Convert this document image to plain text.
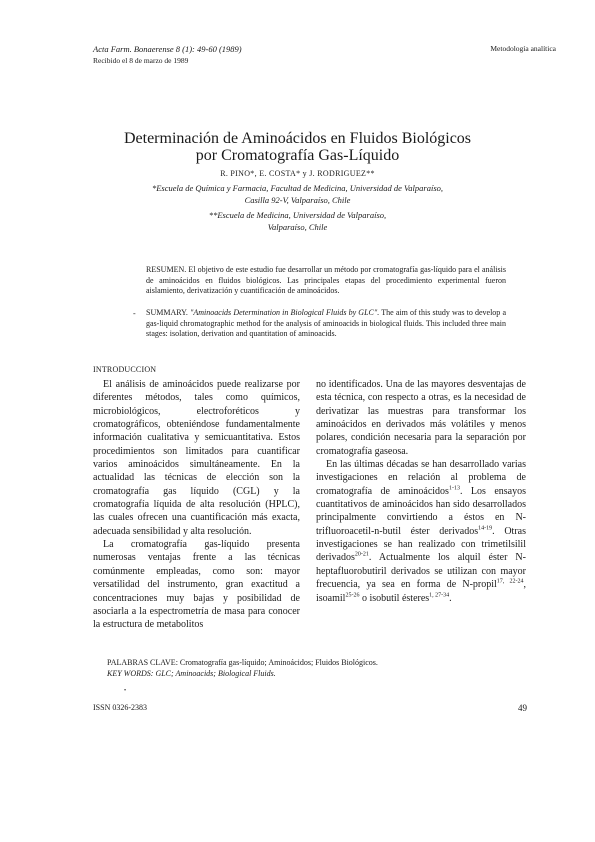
Acta Farm. Bonaerense 8 (1): 49-60 (1989)
Recibido el 8 de marzo de 1989
Metodología analítica
Determinación de Aminoácidos en Fluidos Biológicos
por Cromatografía Gas-Líquido
R. PINO*, E. COSTA* y J. RODRIGUEZ**
*Escuela de Química y Farmacia, Facultad de Medicina, Universidad de Valparaíso,
Casilla 92-V, Valparaíso, Chile
**Escuela de Medicina, Universidad de Valparaíso,
Valparaíso, Chile
RESUMEN. El objetivo de este estudio fue desarrollar un método por cromatografía gas-líquido para el análisis de aminoácidos en fluidos biológicos. Las principales etapas del procedimiento experimental fueron aislamiento, derivatización y cuantificación de aminoácidos.
- SUMMARY. "Aminoacids Determination in Biological Fluids by GLC". The aim of this study was to develop a gas-liquid chromatographic method for the analysis of aminoacids in biological fluids. This included three main stages: isolation, derivation and quantitation of aminoacids.
INTRODUCCION

El análisis de aminoácidos puede realizarse por diferentes métodos, tales como químicos, microbiológicos, electroforéticos y cromatográficos, obteniéndose fundamentalmente información cualitativa y semicuantitativa. Estos procedimientos son limitados para cuantificar varios aminoácidos simultáneamente. En la actualidad las técnicas de elección son la cromatografía gas líquido (CGL) y la cromatografía líquida de alta resolución (HPLC), las cuales ofrecen una cuantificación más exacta, adecuada sensibilidad y alta resolución.

La cromatografía gas-líquido presenta numerosas ventajas frente a las técnicas comúnmente empleadas, como son: mayor versatilidad del instrumento, gran exactitud a concentraciones muy bajas y posibilidad de asociarla a la espectrometría de masa para conocer la estructura de metabolitos

no identificados. Una de las mayores desventajas de esta técnica, con respecto a otras, es la necesidad de derivatizar las muestras para transformar los aminoácidos en derivados más volátiles y menos polares, condición necesaria para la separación por cromatografía gaseosa.

En las últimas décadas se han desarrollado varias investigaciones en relación al problema de cromatografía de aminoácidos$^{1-13}$. Los ensayos cuantitativos de aminoácidos han sido desarrollados principalmente convirtiendo a éstos en N-trifluoroacetil-n-butil éster derivados$^{14-19}$. Otras investigaciones se han realizado con trimetilsilil derivados$^{20-21}$. Actualmente los alquil éster N-heptafluorobutiril derivados se utilizan con mayor frecuencia, ya sea en forma de N-propil$^{17, 22-24}$, isoamil$^{25-26}$ o isobutil ésteres$^{1, 27-34}$.

PALABRAS CLAVE: Cromatografía gas-líquido; Aminoácidos; Fluidos Biológicos.
KEY WORDS: GLC; Aminoacids; Biological Fluids.
•
ISSN 0326-2383	49
